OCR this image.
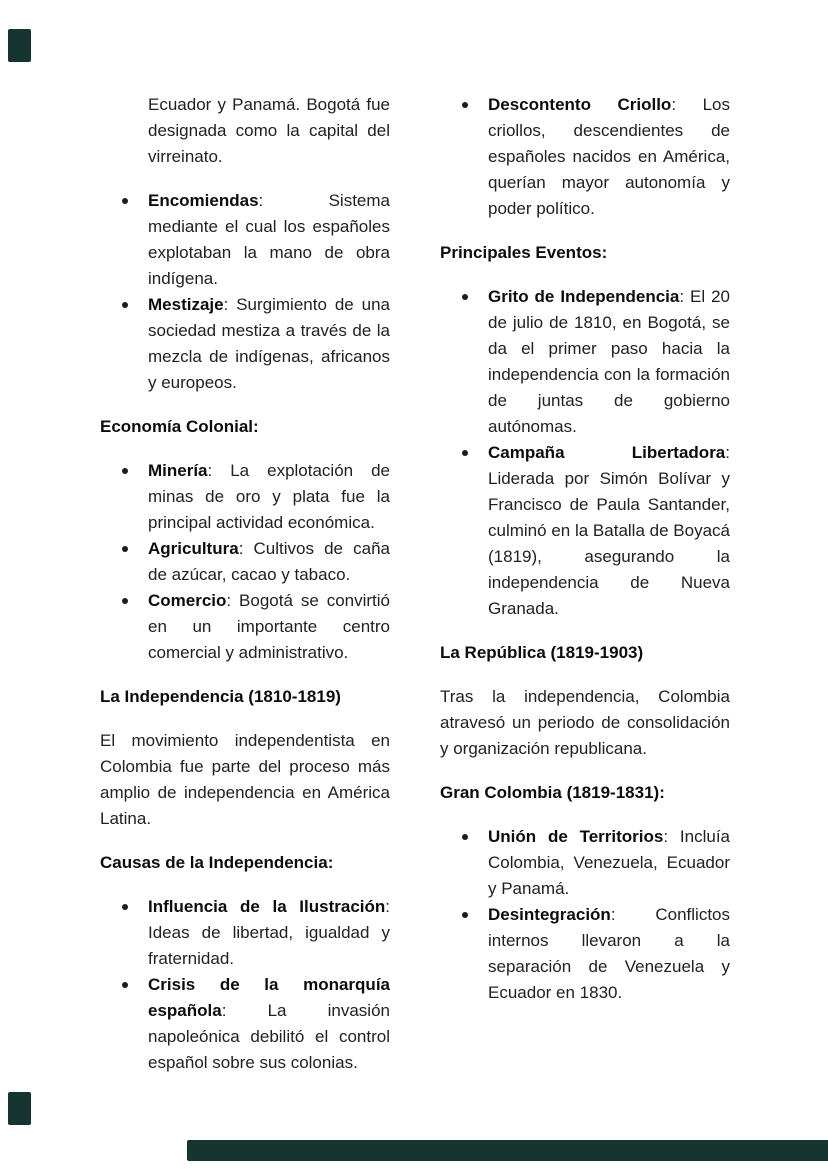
Ecuador y Panamá. Bogotá fue designada como la capital del virreinato.

Encomiendas: Sistema mediante el cual los españoles explotaban la mano de obra indígena.
Mestizaje: Surgimiento de una sociedad mestiza a través de la mezcla de indígenas, africanos y europeos.
Economía Colonial:
Minería: La explotación de minas de oro y plata fue la principal actividad económica.
Agricultura: Cultivos de caña de azúcar, cacao y tabaco.
Comercio: Bogotá se convirtió en un importante centro comercial y administrativo.
La Independencia (1810-1819)

El movimiento independentista en Colombia fue parte del proceso más amplio de independencia en América Latina.

Causas de la Independencia:
Influencia de la Ilustración: Ideas de libertad, igualdad y fraternidad.
Crisis de la monarquía española: La invasión napoleónica debilitó el control español sobre sus colonias.
Descontento Criollo: Los criollos, descendientes de españoles nacidos en América, querían mayor autonomía y poder político.
Principales Eventos:
Grito de Independencia: El 20 de julio de 1810, en Bogotá, se da el primer paso hacia la independencia con la formación de juntas de gobierno autónomas.
Campaña Libertadora: Liderada por Simón Bolívar y Francisco de Paula Santander, culminó en la Batalla de Boyacá (1819), asegurando la independencia de Nueva Granada.
La República (1819-1903)

Tras la independencia, Colombia atravesó un periodo de consolidación y organización republicana.

Gran Colombia (1819-1831):
Unión de Territorios: Incluía Colombia, Venezuela, Ecuador y Panamá.
Desintegración: Conflictos internos llevaron a la separación de Venezuela y Ecuador en 1830.
